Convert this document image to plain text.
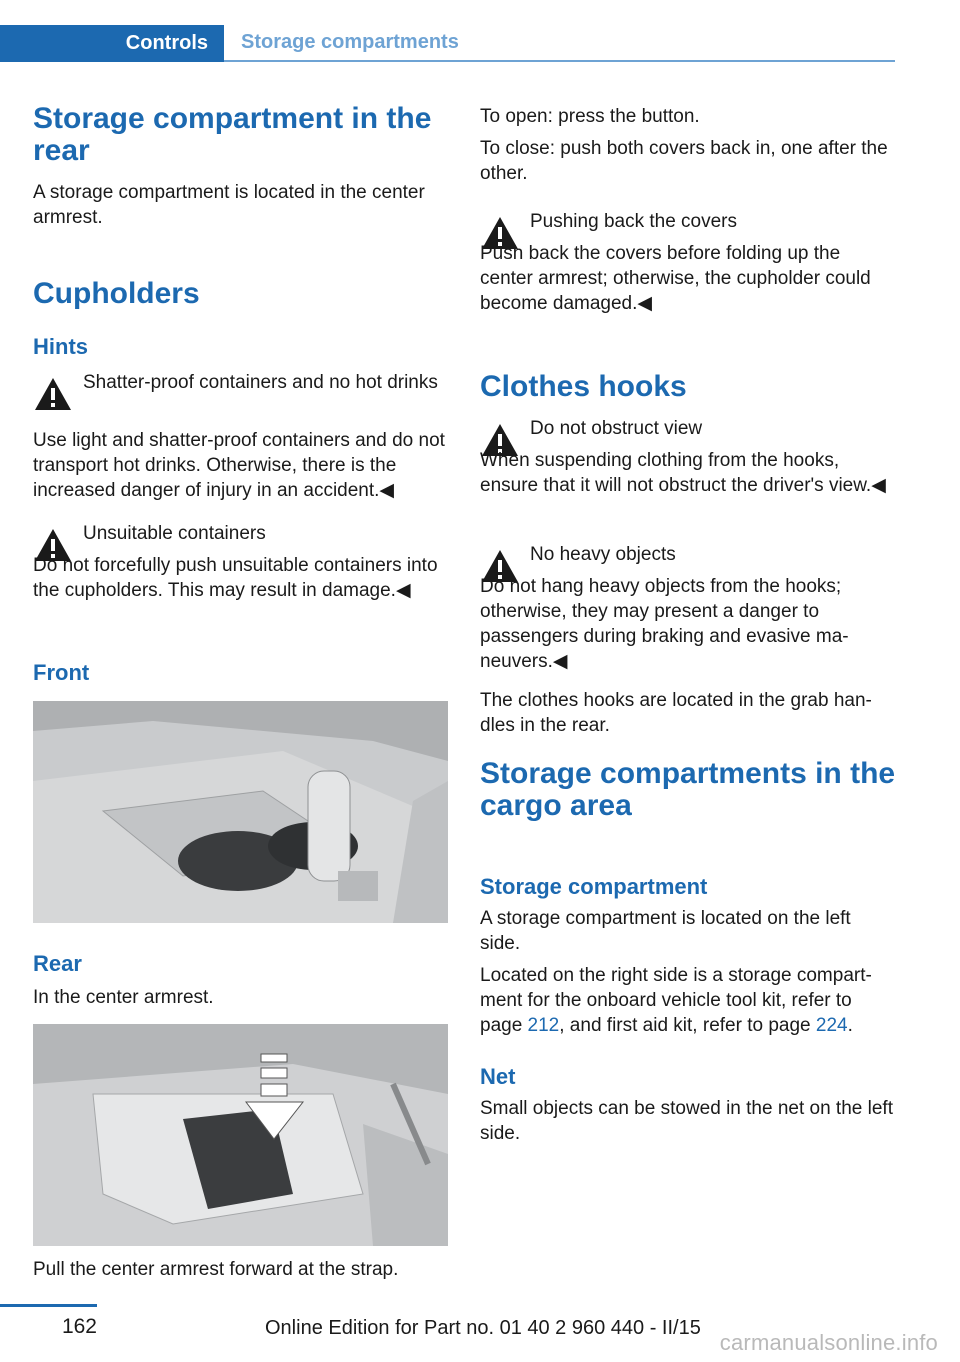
Controls	Storage compartments
Storage compartment in the rear

A storage compartment is located in the center armrest.

Cupholders
Hints

Shatter-proof containers and no hot drinks

Use light and shatter-proof containers and do not transport hot drinks. Otherwise, there is the increased danger of injury in an accident.◀

Unsuitable containers

Do not forcefully push unsuitable containers into the cupholders. This may result in damage.◀

Front
Rear

In the center armrest.

Pull the center armrest forward at the strap.

To open: press the button.

To close: push both covers back in, one after the other.

Pushing back the covers

Push back the covers before folding up the center armrest; otherwise, the cupholder could become damaged.◀

Clothes hooks

Do not obstruct view

When suspending clothing from the hooks, ensure that it will not obstruct the driver's view.◀

No heavy objects

Do not hang heavy objects from the hooks; otherwise, they may present a danger to passengers during braking and evasive maneuvers.◀

The clothes hooks are located in the grab handles in the rear.

Storage compartments in the cargo area
Storage compartment

A storage compartment is located on the left side.

Located on the right side is a storage compartment for the onboard vehicle tool kit, refer to page 212, and first aid kit, refer to page 224.

Net

Small objects can be stowed in the net on the left side.

162	Online Edition for Part no. 01 40 2 960 440 - II/15
carmanualsonline.info
